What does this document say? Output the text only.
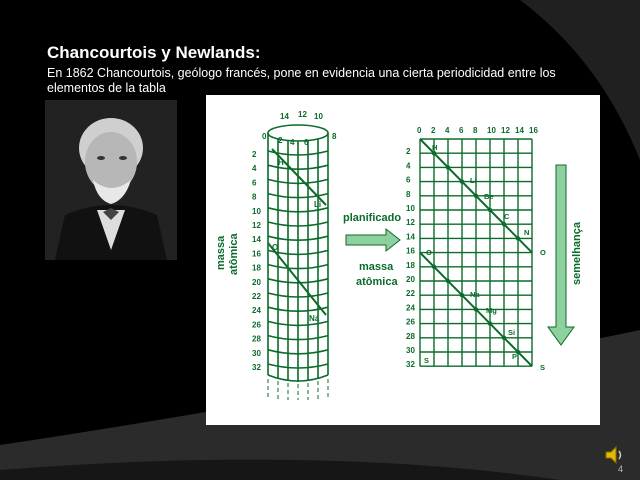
Chancourtois y Newlands:
En 1862 Chancourtois, geólogo francés, pone en evidencia una cierta periodicidad entre los elementos de la tabla
14 12 10
0 2 4 6
8
2
4
6
8
10
12
14
16
18
20
22
24
26
28
30
32
H
Li
O
Na
massa atômica
planificado
massa
atômica
0 2 4 6 8 10 12 14 16
2
4
6
8
10
12
14
16
18
20
22
24
26
28
30
32
H
Li
Be
C
N
O	O
Na
Mg
Si
S	P
S
semelhança
4
